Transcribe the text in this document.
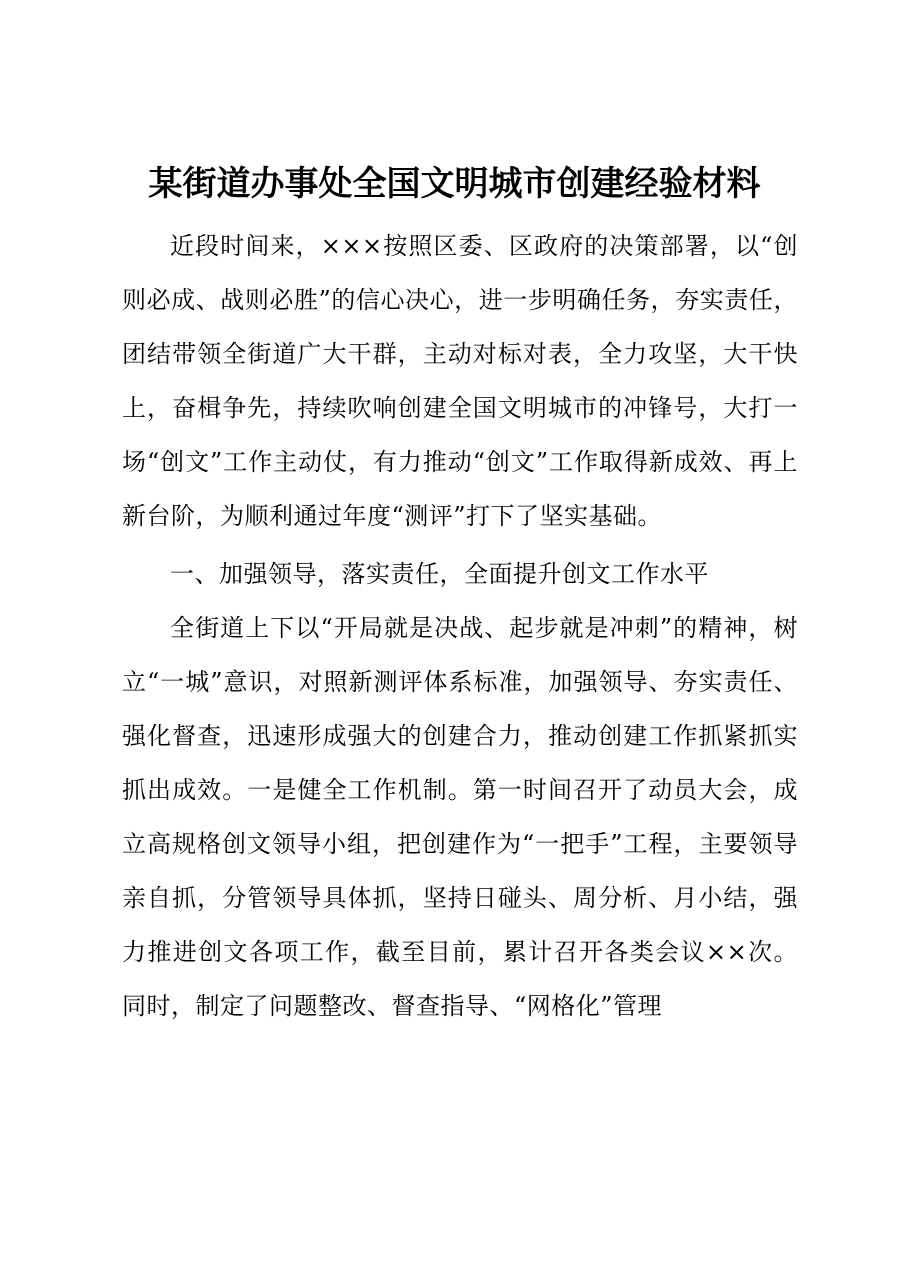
某街道办事处全国文明城市创建经验材料

近段时间来，×××按照区委、区政府的决策部署，以“创则必成、战则必胜”的信心决心，进一步明确任务，夯实责任，团结带领全街道广大干群，主动对标对表，全力攻坚，大干快上，奋楫争先，持续吹响创建全国文明城市的冲锋号，大打一场“创文”工作主动仗，有力推动“创文”工作取得新成效、再上新台阶，为顺利通过年度“测评”打下了坚实基础。

一、加强领导，落实责任，全面提升创文工作水平

全街道上下以“开局就是决战、起步就是冲刺”的精神，树立“一城”意识，对照新测评体系标准，加强领导、夯实责任、强化督查，迅速形成强大的创建合力，推动创建工作抓紧抓实抓出成效。一是健全工作机制。第一时间召开了动员大会，成立高规格创文领导小组，把创建作为“一把手”工程，主要领导亲自抓，分管领导具体抓，坚持日碰头、周分析、月小结，强力推进创文各项工作，截至目前，累计召开各类会议××次。同时，制定了问题整改、督查指导、“网格化”管理
